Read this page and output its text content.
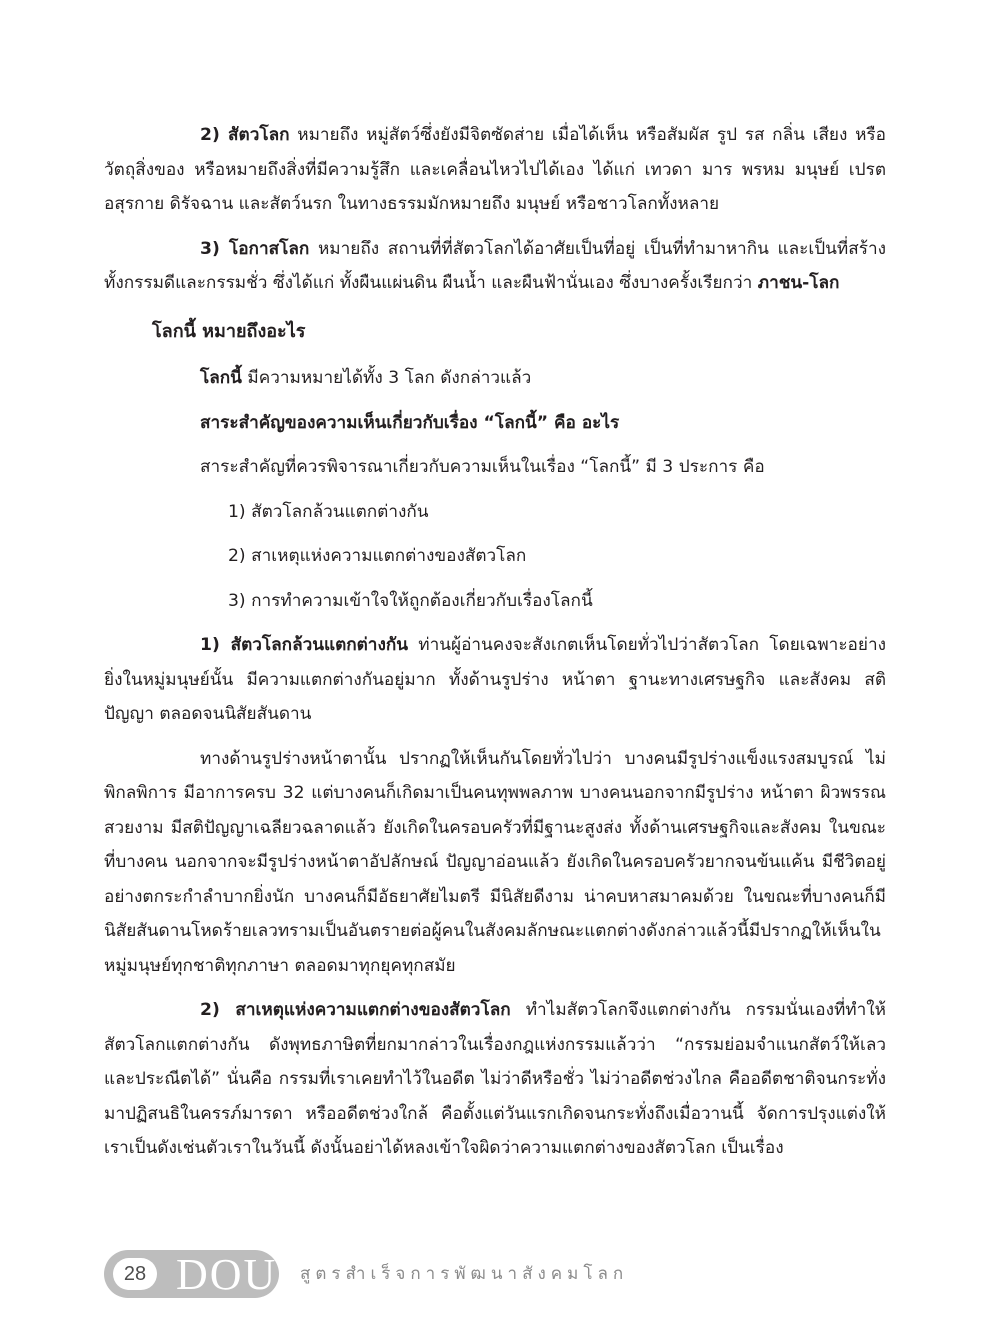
2) สัตวโลก หมายถึง หมู่สัตว์ซึ่งยังมีจิตซัดส่าย เมื่อได้เห็น หรือสัมผัส รูป รส กลิ่น เสียง หรือวัตถุสิ่งของ หรือหมายถึงสิ่งที่มีความรู้สึก และเคลื่อนไหวไปได้เอง ได้แก่ เทวดา มาร พรหม มนุษย์ เปรต อสุรกาย ดิรัจฉาน และสัตว์นรก ในทางธรรมมักหมายถึง มนุษย์ หรือชาวโลกทั้งหลาย

3) โอกาสโลก หมายถึง สถานที่ที่สัตวโลกได้อาศัยเป็นที่อยู่ เป็นที่ทำมาหากิน และเป็นที่สร้างทั้งกรรมดีและกรรมชั่ว ซึ่งได้แก่ ทั้งผืนแผ่นดิน ผืนน้ำ และผืนฟ้านั่นเอง ซึ่งบางครั้งเรียกว่า ภาชน-โลก

โลกนี้ หมายถึงอะไร

โลกนี้ มีความหมายได้ทั้ง 3 โลก ดังกล่าวแล้ว

สาระสำคัญของความเห็นเกี่ยวกับเรื่อง “โลกนี้” คือ อะไร

สาระสำคัญที่ควรพิจารณาเกี่ยวกับความเห็นในเรื่อง “โลกนี้” มี 3 ประการ คือ

1) สัตวโลกล้วนแตกต่างกัน

2) สาเหตุแห่งความแตกต่างของสัตวโลก

3) การทำความเข้าใจให้ถูกต้องเกี่ยวกับเรื่องโลกนี้

1) สัตวโลกล้วนแตกต่างกัน ท่านผู้อ่านคงจะสังเกตเห็นโดยทั่วไปว่าสัตวโลก โดยเฉพาะอย่างยิ่งในหมู่มนุษย์นั้น มีความแตกต่างกันอยู่มาก ทั้งด้านรูปร่าง หน้าตา ฐานะทางเศรษฐกิจ และสังคม สติปัญญา ตลอดจนนิสัยสันดาน

ทางด้านรูปร่างหน้าตานั้น ปรากฏให้เห็นกันโดยทั่วไปว่า บางคนมีรูปร่างแข็งแรงสมบูรณ์ ไม่พิกลพิการ มีอาการครบ 32 แต่บางคนก็เกิดมาเป็นคนทุพพลภาพ บางคนนอกจากมีรูปร่าง หน้าตา ผิวพรรณสวยงาม มีสติปัญญาเฉลียวฉลาดแล้ว ยังเกิดในครอบครัวที่มีฐานะสูงส่ง ทั้งด้านเศรษฐกิจและสังคม ในขณะที่บางคน นอกจากจะมีรูปร่างหน้าตาอัปลักษณ์ ปัญญาอ่อนแล้ว ยังเกิดในครอบครัวยากจนข้นแค้น มีชีวิตอยู่อย่างตกระกำลำบากยิ่งนัก บางคนก็มีอัธยาศัยไมตรี มีนิสัยดีงาม น่าคบหาสมาคมด้วย ในขณะที่บางคนก็มีนิสัยสันดานโหดร้ายเลวทรามเป็นอันตรายต่อผู้คนในสังคมลักษณะแตกต่างดังกล่าวแล้วนี้มีปรากฏให้เห็นในหมู่มนุษย์ทุกชาติทุกภาษา ตลอดมาทุกยุคทุกสมัย

2) สาเหตุแห่งความแตกต่างของสัตวโลก ทำไมสัตวโลกจึงแตกต่างกัน กรรมนั่นเองที่ทำให้สัตวโลกแตกต่างกัน ดังพุทธภาษิตที่ยกมากล่าวในเรื่องกฎแห่งกรรมแล้วว่า “กรรมย่อมจำแนกสัตว์ให้เลวและประณีตได้” นั่นคือ กรรมที่เราเคยทำไว้ในอดีต ไม่ว่าดีหรือชั่ว ไม่ว่าอดีตช่วงไกล คืออดีตชาติจนกระทั่งมาปฏิสนธิในครรภ์มารดา หรืออดีตช่วงใกล้ คือตั้งแต่วันแรกเกิดจนกระทั่งถึงเมื่อวานนี้ จัดการปรุงแต่งให้เราเป็นดังเช่นตัวเราในวันนี้ ดังนั้นอย่าได้หลงเข้าใจผิดว่าความแตกต่างของสัตวโลก เป็นเรื่อง

28 DOU สูตรสำเร็จการพัฒนาสังคมโลก
